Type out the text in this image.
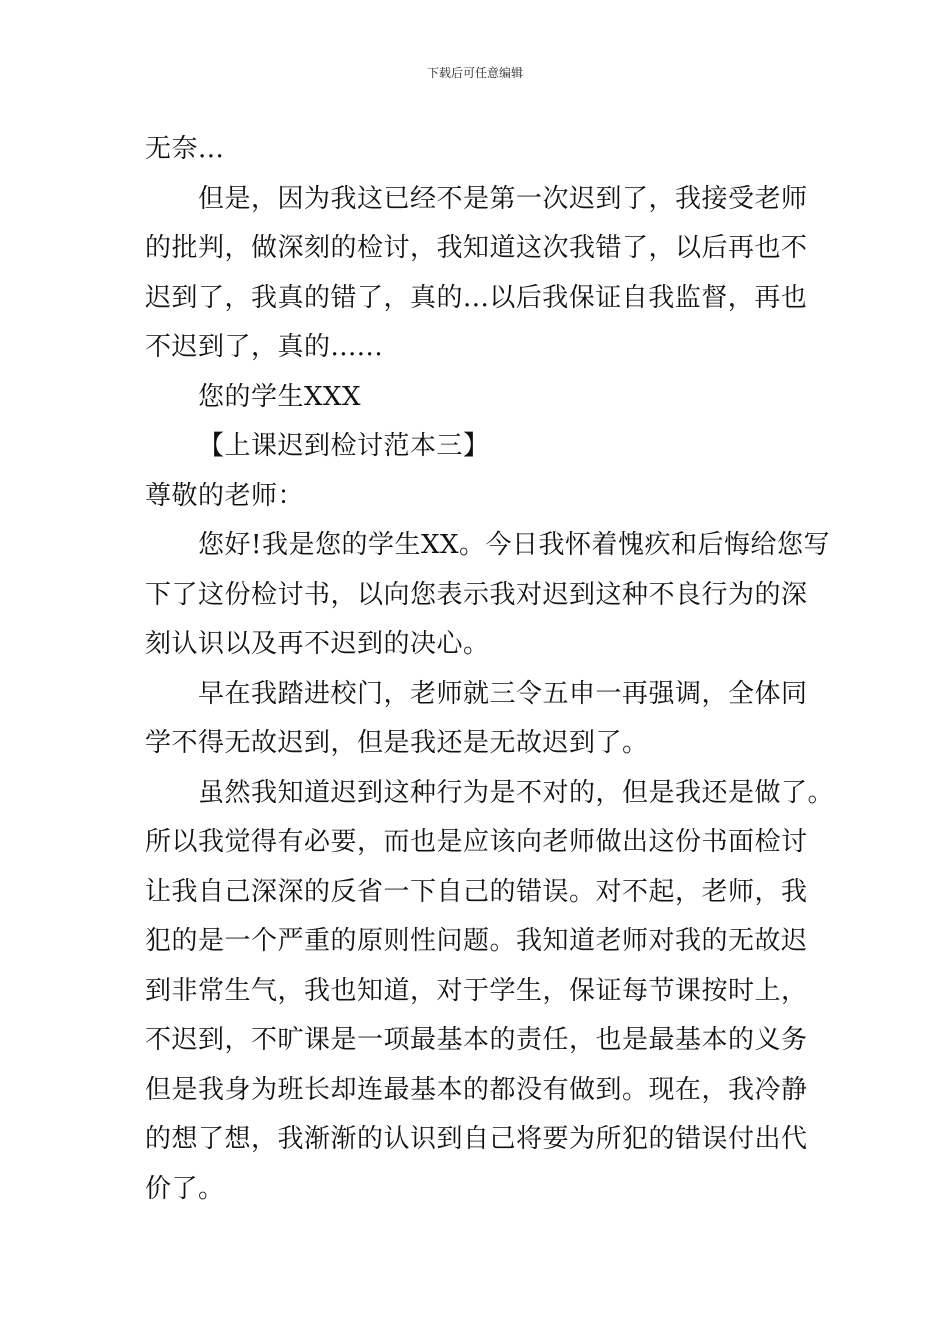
下载后可任意编辑
无奈...
但是，因为我这已经不是第一次迟到了，我接受老师
的批判，做深刻的检讨，我知道这次我错了，以后再也不
迟到了，我真的错了，真的...以后我保证自我监督，再也
不迟到了，真的......
您的学生XXX
【上课迟到检讨范本三】
尊敬的老师：
您好!我是您的学生XX。今日我怀着愧疚和后悔给您写
下了这份检讨书，以向您表示我对迟到这种不良行为的深
刻认识以及再不迟到的决心。
早在我踏进校门，老师就三令五申一再强调，全体同
学不得无故迟到，但是我还是无故迟到了。
虽然我知道迟到这种行为是不对的，但是我还是做了。
所以我觉得有必要，而也是应该向老师做出这份书面检讨
让我自己深深的反省一下自己的错误。对不起，老师，我
犯的是一个严重的原则性问题。我知道老师对我的无故迟
到非常生气，我也知道，对于学生，保证每节课按时上，
不迟到，不旷课是一项最基本的责任，也是最基本的义务
但是我身为班长却连最基本的都没有做到。现在，我冷静
的想了想，我渐渐的认识到自己将要为所犯的错误付出代
价了。
